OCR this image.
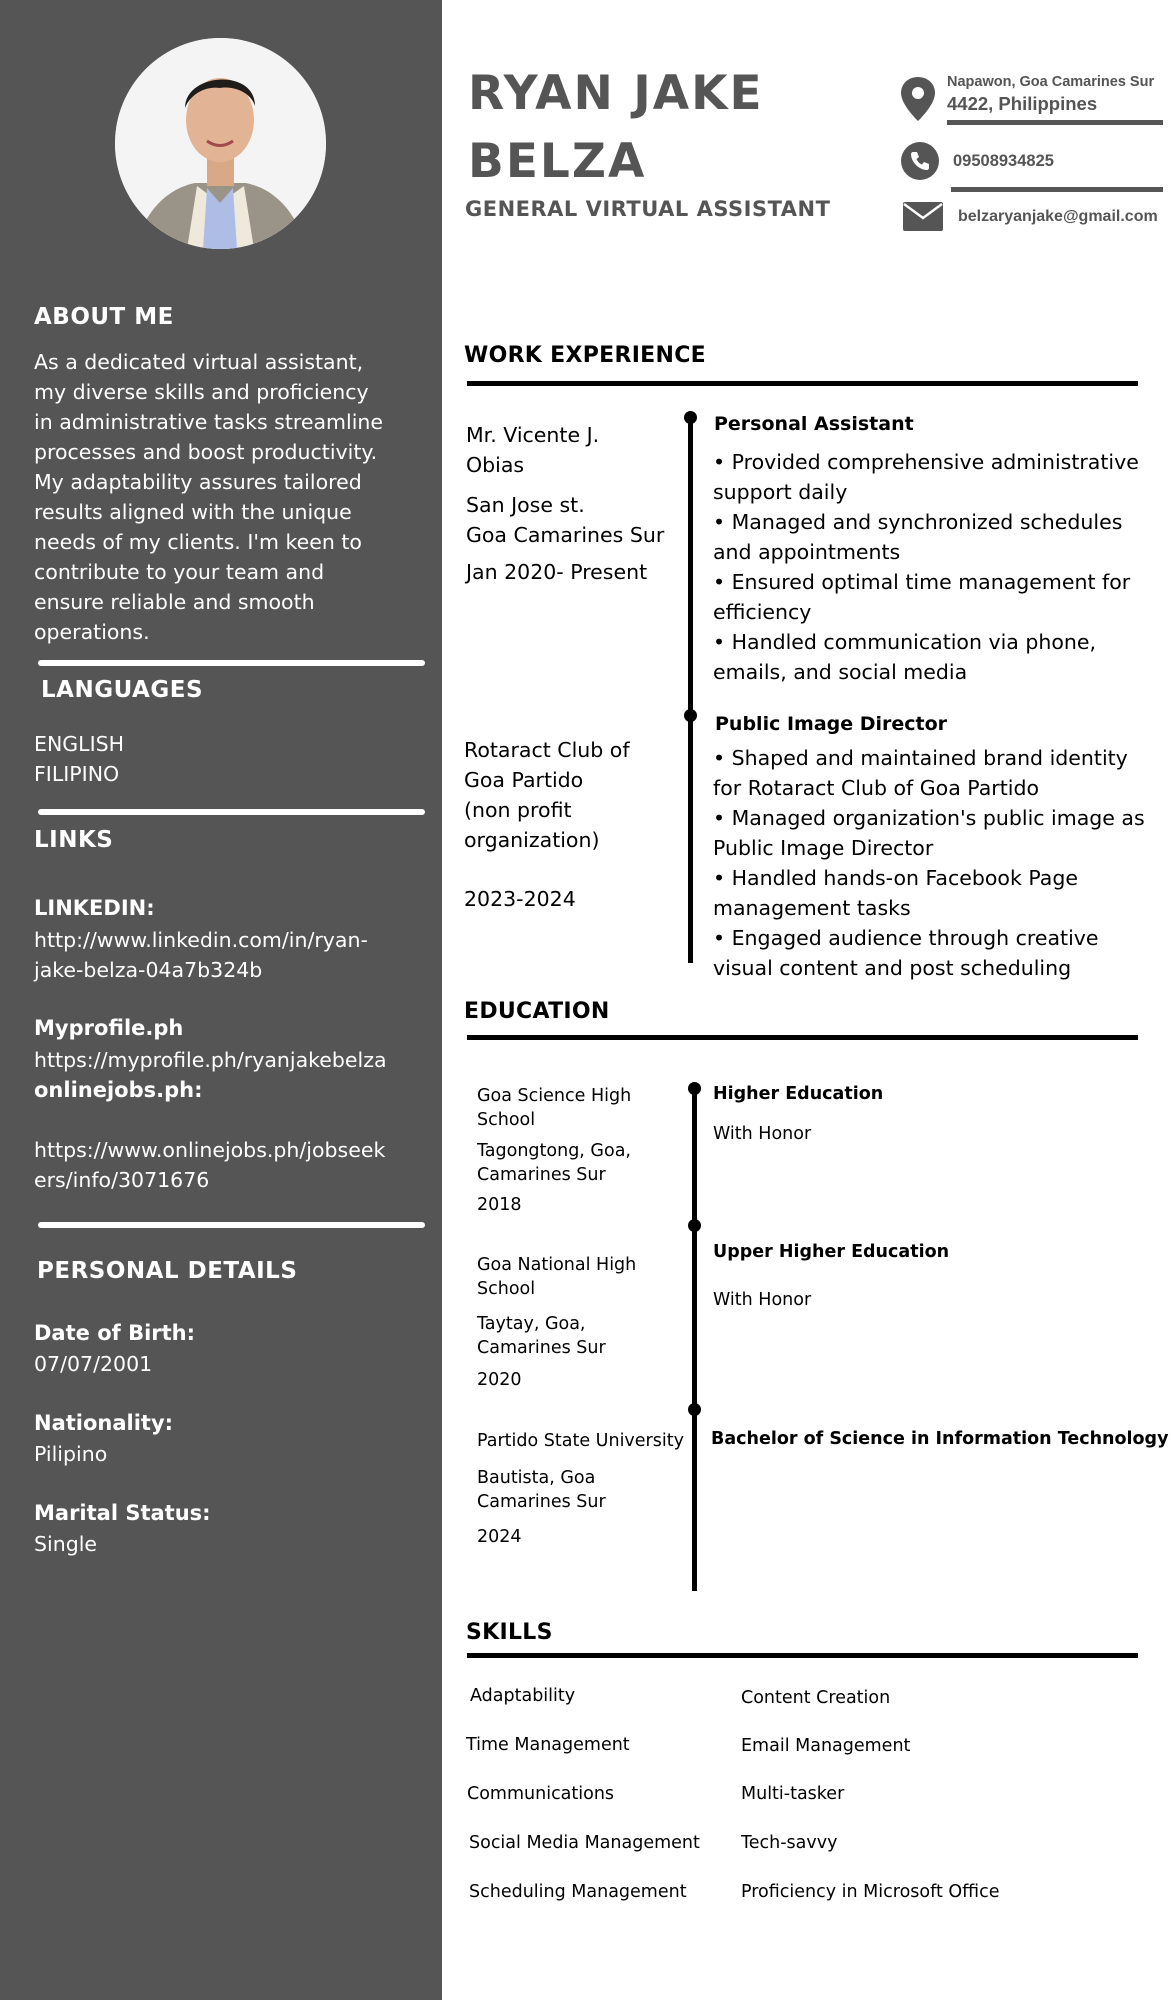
ABOUT ME
As a dedicated virtual assistant,
my diverse skills and proficiency
in administrative tasks streamline
processes and boost productivity.
My adaptability assures tailored
results aligned with the unique
needs of my clients. I'm keen to
contribute to your team and
ensure reliable and smooth
operations.
LANGUAGES
ENGLISH
FILIPINO
LINKS
LINKEDIN:
http://www.linkedin.com/in/ryan-
jake-belza-04a7b324b
Myprofile.ph
https://myprofile.ph/ryanjakebelza
onlinejobs.ph:
https://www.onlinejobs.ph/jobseek
ers/info/3071676
PERSONAL DETAILS
Date of Birth:
07/07/2001
Nationality:
Pilipino
Marital Status:
Single
RYAN JAKE
BELZA
GENERAL VIRTUAL ASSISTANT
Napawon, Goa Camarines Sur
4422, Philippines
09508934825
belzaryanjake@gmail.com
WORK EXPERIENCE
Mr. Vicente J.
Obias
San Jose st.
Goa Camarines Sur
Jan 2020- Present
Personal Assistant
• Provided comprehensive administrative
support daily
• Managed and synchronized schedules
and appointments
• Ensured optimal time management for
efficiency
• Handled communication via phone,
emails, and social media
Rotaract Club of
Goa Partido
(non profit
organization)
2023-2024
Public Image Director
• Shaped and maintained brand identity
for Rotaract Club of Goa Partido
• Managed organization's public image as
Public Image Director
• Handled hands-on Facebook Page
management tasks
• Engaged audience through creative
visual content and post scheduling
EDUCATION
Goa Science High
School
Tagongtong, Goa,
Camarines Sur
2018
Higher Education
With Honor
Goa National High
School
Taytay, Goa,
Camarines Sur
2020
Upper Higher Education
With Honor
Partido State University
Bautista, Goa
Camarines Sur
2024
Bachelor of Science in Information Technology
SKILLS
Adaptability
Time Management
Communications
Social Media Management
Scheduling Management
Content Creation
Email Management
Multi-tasker
Tech-savvy
Proficiency in Microsoft Office
